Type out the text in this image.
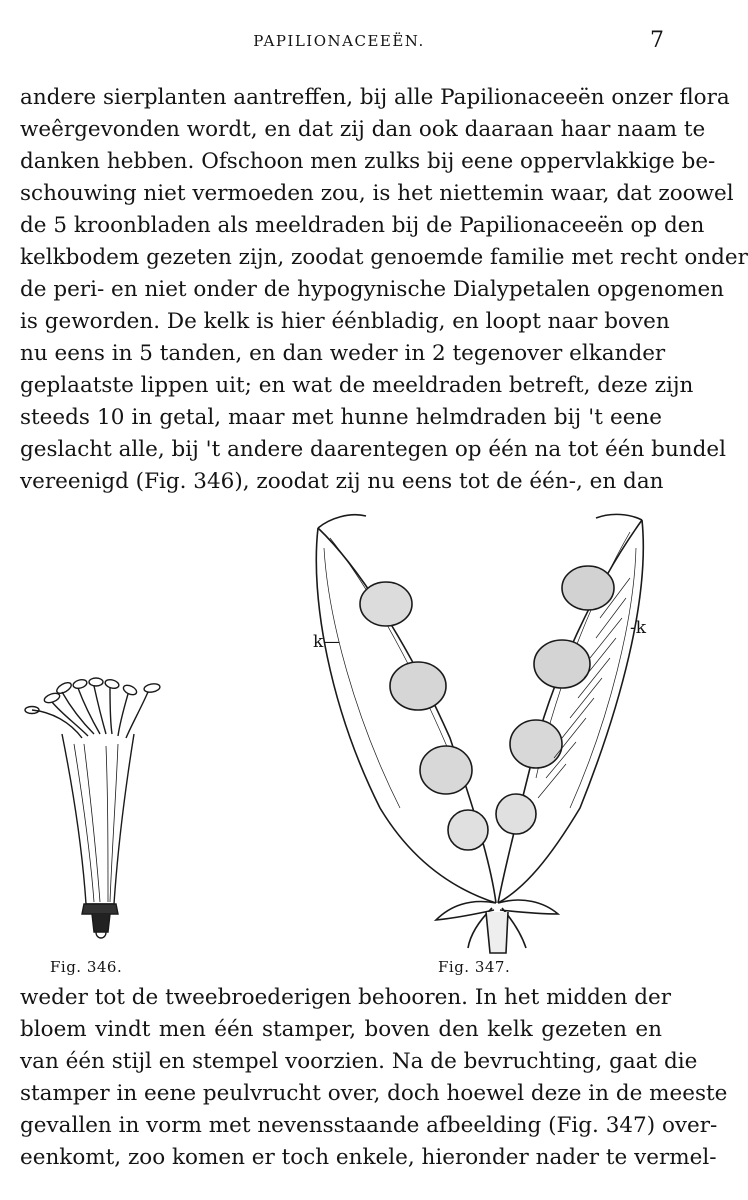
PAPILIONACEEËN.	7
andere sierplanten aantreffen, bij alle Papilionaceeën onzer flora
weêrgevonden wordt, en dat zij dan ook daaraan haar naam te
danken hebben. Ofschoon men zulks bij eene oppervlakkige be-
schouwing niet vermoeden zou, is het niettemin waar, dat zoowel
de 5 kroonbladen als meeldraden bij de Papilionaceeën op den
kelkbodem gezeten zijn, zoodat genoemde familie met recht onder
de peri- en niet onder de hypogynische Dialypetalen opgenomen
is geworden. De kelk is hier éénbladig, en loopt naar boven
nu eens in 5 tanden, en dan weder in 2 tegenover elkander
geplaatste lippen uit; en wat de meeldraden betreft, deze zijn
steeds 10 in getal, maar met hunne helmdraden bij 't eene
geslacht alle, bij 't andere daarentegen op één na tot één bundel
vereenigd (Fig. 346), zoodat zij nu eens tot de één-, en dan
k—
-k
Fig. 346.	Fig. 347.
weder tot de tweebroederigen behooren. In het midden der
bloem vindt men één stamper, boven den kelk gezeten en
van één stijl en stempel voorzien. Na de bevruchting, gaat die
stamper in eene peulvrucht over, doch hoewel deze in de meeste
gevallen in vorm met nevensstaande afbeelding (Fig. 347) over-
eenkomt, zoo komen er toch enkele, hieronder nader te vermel-
